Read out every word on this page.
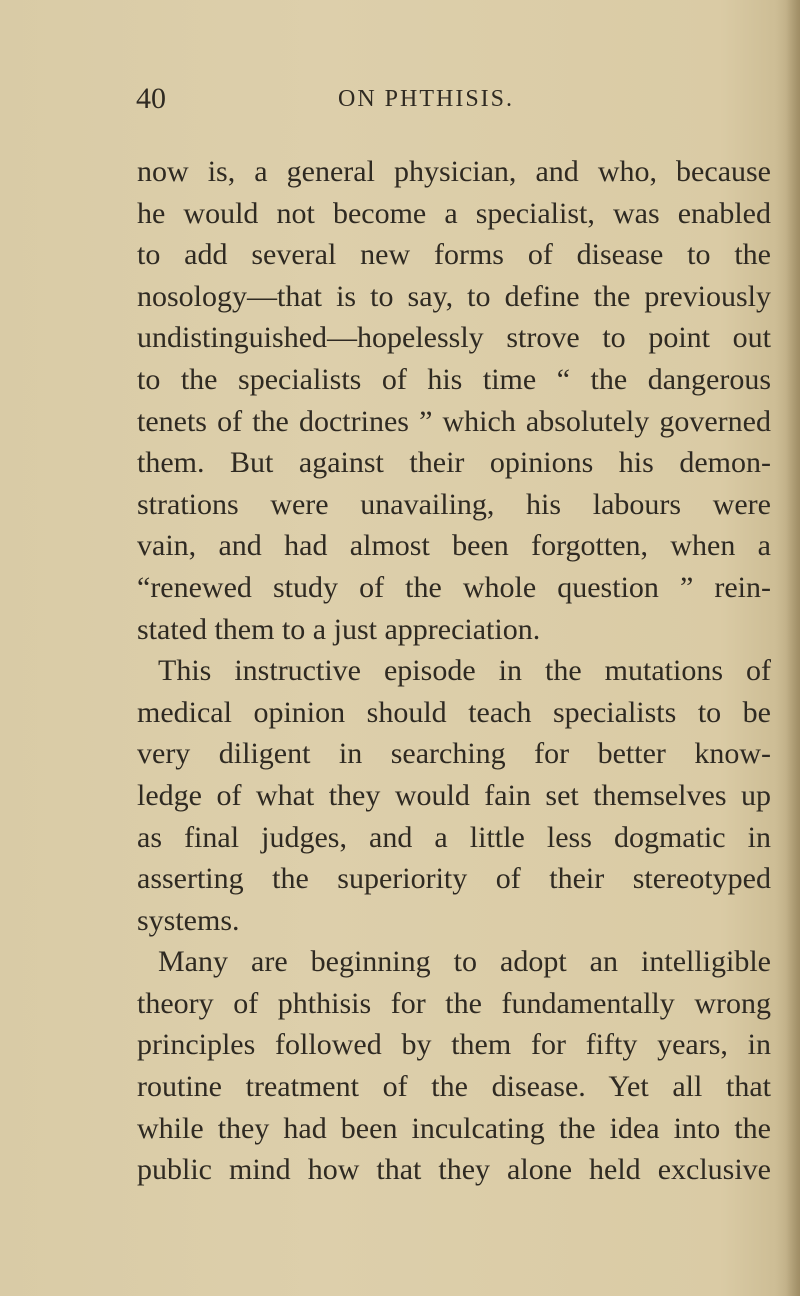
40	ON PHTHISIS.
now is, a general physician, and who, because
he would not become a specialist, was enabled
to add several new forms of disease to the
nosology—that is to say, to define the previously
undistinguished—hopelessly strove to point out
to the specialists of his time “ the dangerous
tenets of the doctrines ” which absolutely governed
them. But against their opinions his demon-
strations were unavailing, his labours were
vain, and had almost been forgotten, when a
“renewed study of the whole question ” rein-
stated them to a just appreciation.
This instructive episode in the mutations of
medical opinion should teach specialists to be
very diligent in searching for better know-
ledge of what they would fain set themselves up
as final judges, and a little less dogmatic in
asserting the superiority of their stereotyped
systems.
Many are beginning to adopt an intelligible
theory of phthisis for the fundamentally wrong
principles followed by them for fifty years, in
routine treatment of the disease. Yet all that
while they had been inculcating the idea into the
public mind how that they alone held exclusive
